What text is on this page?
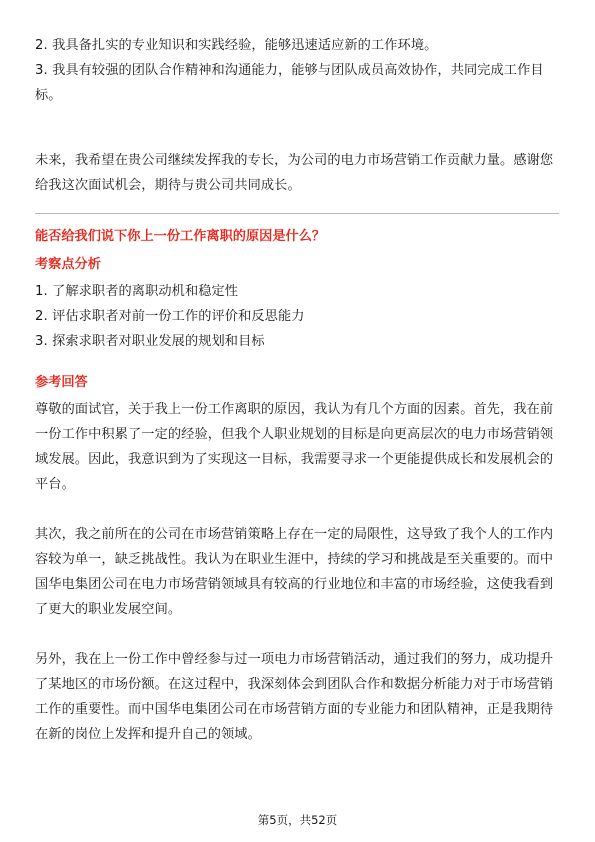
2. 我具备扎实的专业知识和实践经验，能够迅速适应新的工作环境。

3. 我具有较强的团队合作精神和沟通能力，能够与团队成员高效协作，共同完成工作目标。

未来，我希望在贵公司继续发挥我的专长，为公司的电力市场营销工作贡献力量。感谢您给我这次面试机会，期待与贵公司共同成长。

能否给我们说下你上一份工作离职的原因是什么？

考察点分析

1. 了解求职者的离职动机和稳定性

2. 评估求职者对前一份工作的评价和反思能力

3. 探索求职者对职业发展的规划和目标

参考回答

尊敬的面试官，关于我上一份工作离职的原因，我认为有几个方面的因素。首先，我在前一份工作中积累了一定的经验，但我个人职业规划的目标是向更高层次的电力市场营销领域发展。因此，我意识到为了实现这一目标，我需要寻求一个更能提供成长和发展机会的平台。

其次，我之前所在的公司在市场营销策略上存在一定的局限性，这导致了我个人的工作内容较为单一，缺乏挑战性。我认为在职业生涯中，持续的学习和挑战是至关重要的。而中国华电集团公司在电力市场营销领域具有较高的行业地位和丰富的市场经验，这使我看到了更大的职业发展空间。

另外，我在上一份工作中曾经参与过一项电力市场营销活动，通过我们的努力，成功提升了某地区的市场份额。在这过程中，我深刻体会到团队合作和数据分析能力对于市场营销工作的重要性。而中国华电集团公司在市场营销方面的专业能力和团队精神，正是我期待在新的岗位上发挥和提升自己的领域。

第5页，共52页
